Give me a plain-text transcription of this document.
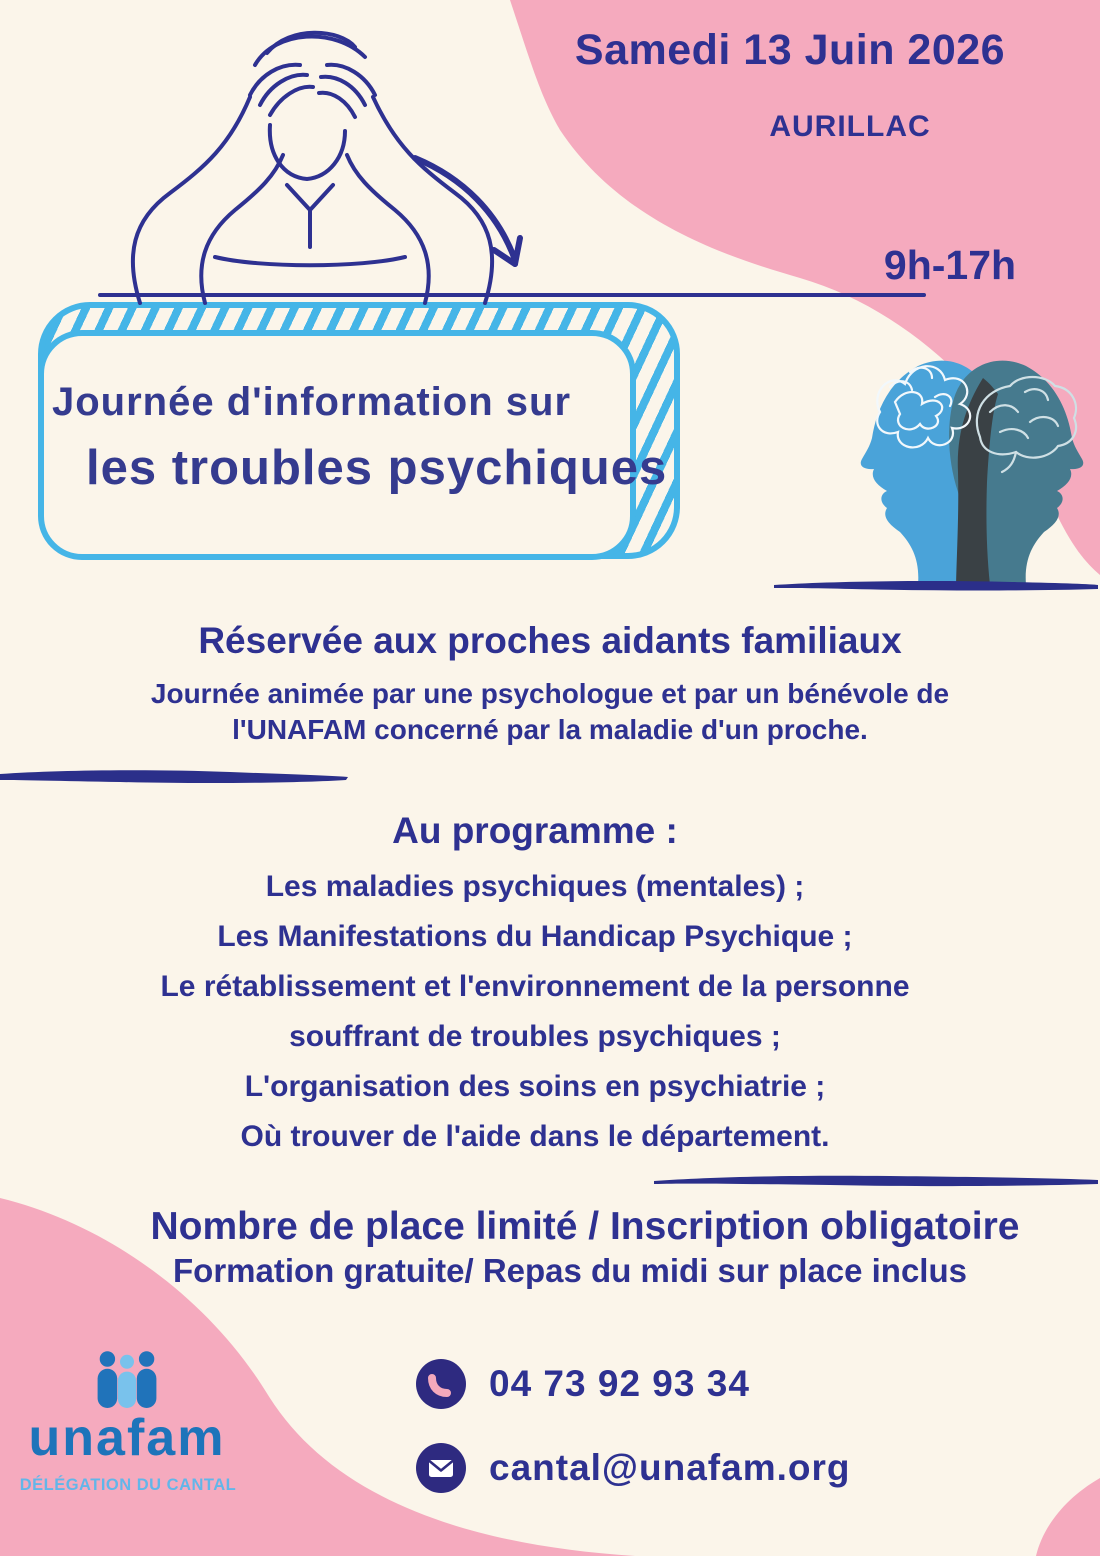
Samedi 13 Juin 2026
AURILLAC
9h-17h
Journée d'information sur
les troubles psychiques
Réservée aux proches aidants familiaux
Journée animée par une psychologue et par un bénévole de l'UNAFAM concerné par la maladie d'un proche.
Au programme :
Les maladies psychiques (mentales) ;
Les Manifestations du Handicap Psychique ;
Le rétablissement et l'environnement de la personne souffrant de troubles psychiques ;
L'organisation des soins en psychiatrie ;
Où trouver de l'aide dans le département.
Nombre de place limité / Inscription obligatoire
Formation gratuite/ Repas du midi sur place inclus
04 73 92 93 34
cantal@unafam.org
unafam
DÉLÉGATION DU CANTAL
